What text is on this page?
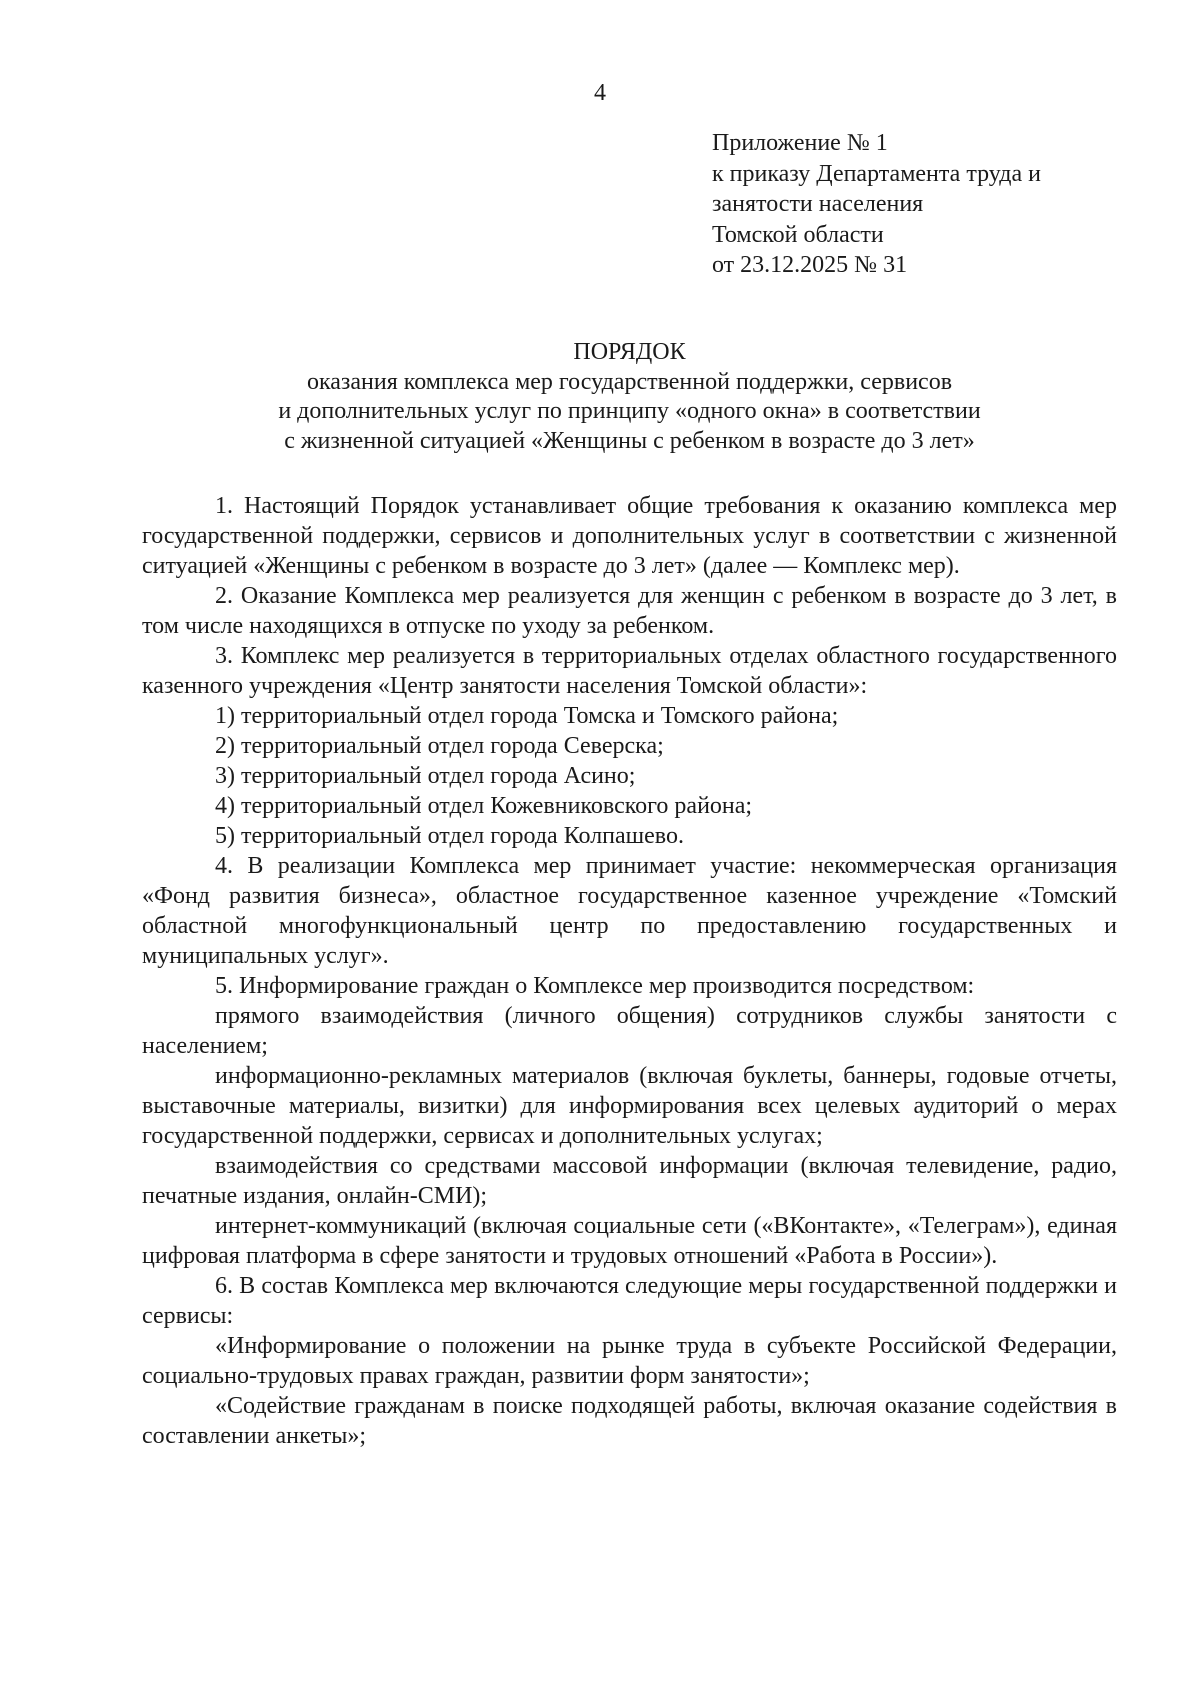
4

Приложение № 1
к приказу Департамента труда и
занятости населения
Томской области
от 23.12.2025 № 31
ПОРЯДОК
оказания комплекса мер государственной поддержки, сервисов
и дополнительных услуг по принципу «одного окна» в соответствии
с жизненной ситуацией «Женщины с ребенком в возрасте до 3 лет»

1. Настоящий Порядок устанавливает общие требования к оказанию комплекса мер государственной поддержки, сервисов и дополнительных услуг в соответствии с жизненной ситуацией «Женщины с ребенком в возрасте до 3 лет» (далее — Комплекс мер).

2. Оказание Комплекса мер реализуется для женщин с ребенком в возрасте до 3 лет, в том числе находящихся в отпуске по уходу за ребенком.

3. Комплекс мер реализуется в территориальных отделах областного государственного казенного учреждения «Центр занятости населения Томской области»:

1) территориальный отдел города Томска и Томского района;

2) территориальный отдел города Северска;

3) территориальный отдел города Асино;

4) территориальный отдел Кожевниковского района;

5) территориальный отдел города Колпашево.

4. В реализации Комплекса мер принимает участие: некоммерческая организация «Фонд развития бизнеса», областное государственное казенное учреждение «Томский областной многофункциональный центр по предоставлению государственных и муниципальных услуг».

5. Информирование граждан о Комплексе мер производится посредством:

прямого взаимодействия (личного общения) сотрудников службы занятости с населением;

информационно-рекламных материалов (включая буклеты, баннеры, годовые отчеты, выставочные материалы, визитки) для информирования всех целевых аудиторий о мерах государственной поддержки, сервисах и дополнительных услугах;

взаимодействия со средствами массовой информации (включая телевидение, радио, печатные издания, онлайн-СМИ);

интернет-коммуникаций (включая социальные сети («ВКонтакте», «Телеграм»), единая цифровая платформа в сфере занятости и трудовых отношений «Работа в России»).

6. В состав Комплекса мер включаются следующие меры государственной поддержки и сервисы:

«Информирование о положении на рынке труда в субъекте Российской Федерации, социально-трудовых правах граждан, развитии форм занятости»;

«Содействие гражданам в поиске подходящей работы, включая оказание содействия в составлении анкеты»;
